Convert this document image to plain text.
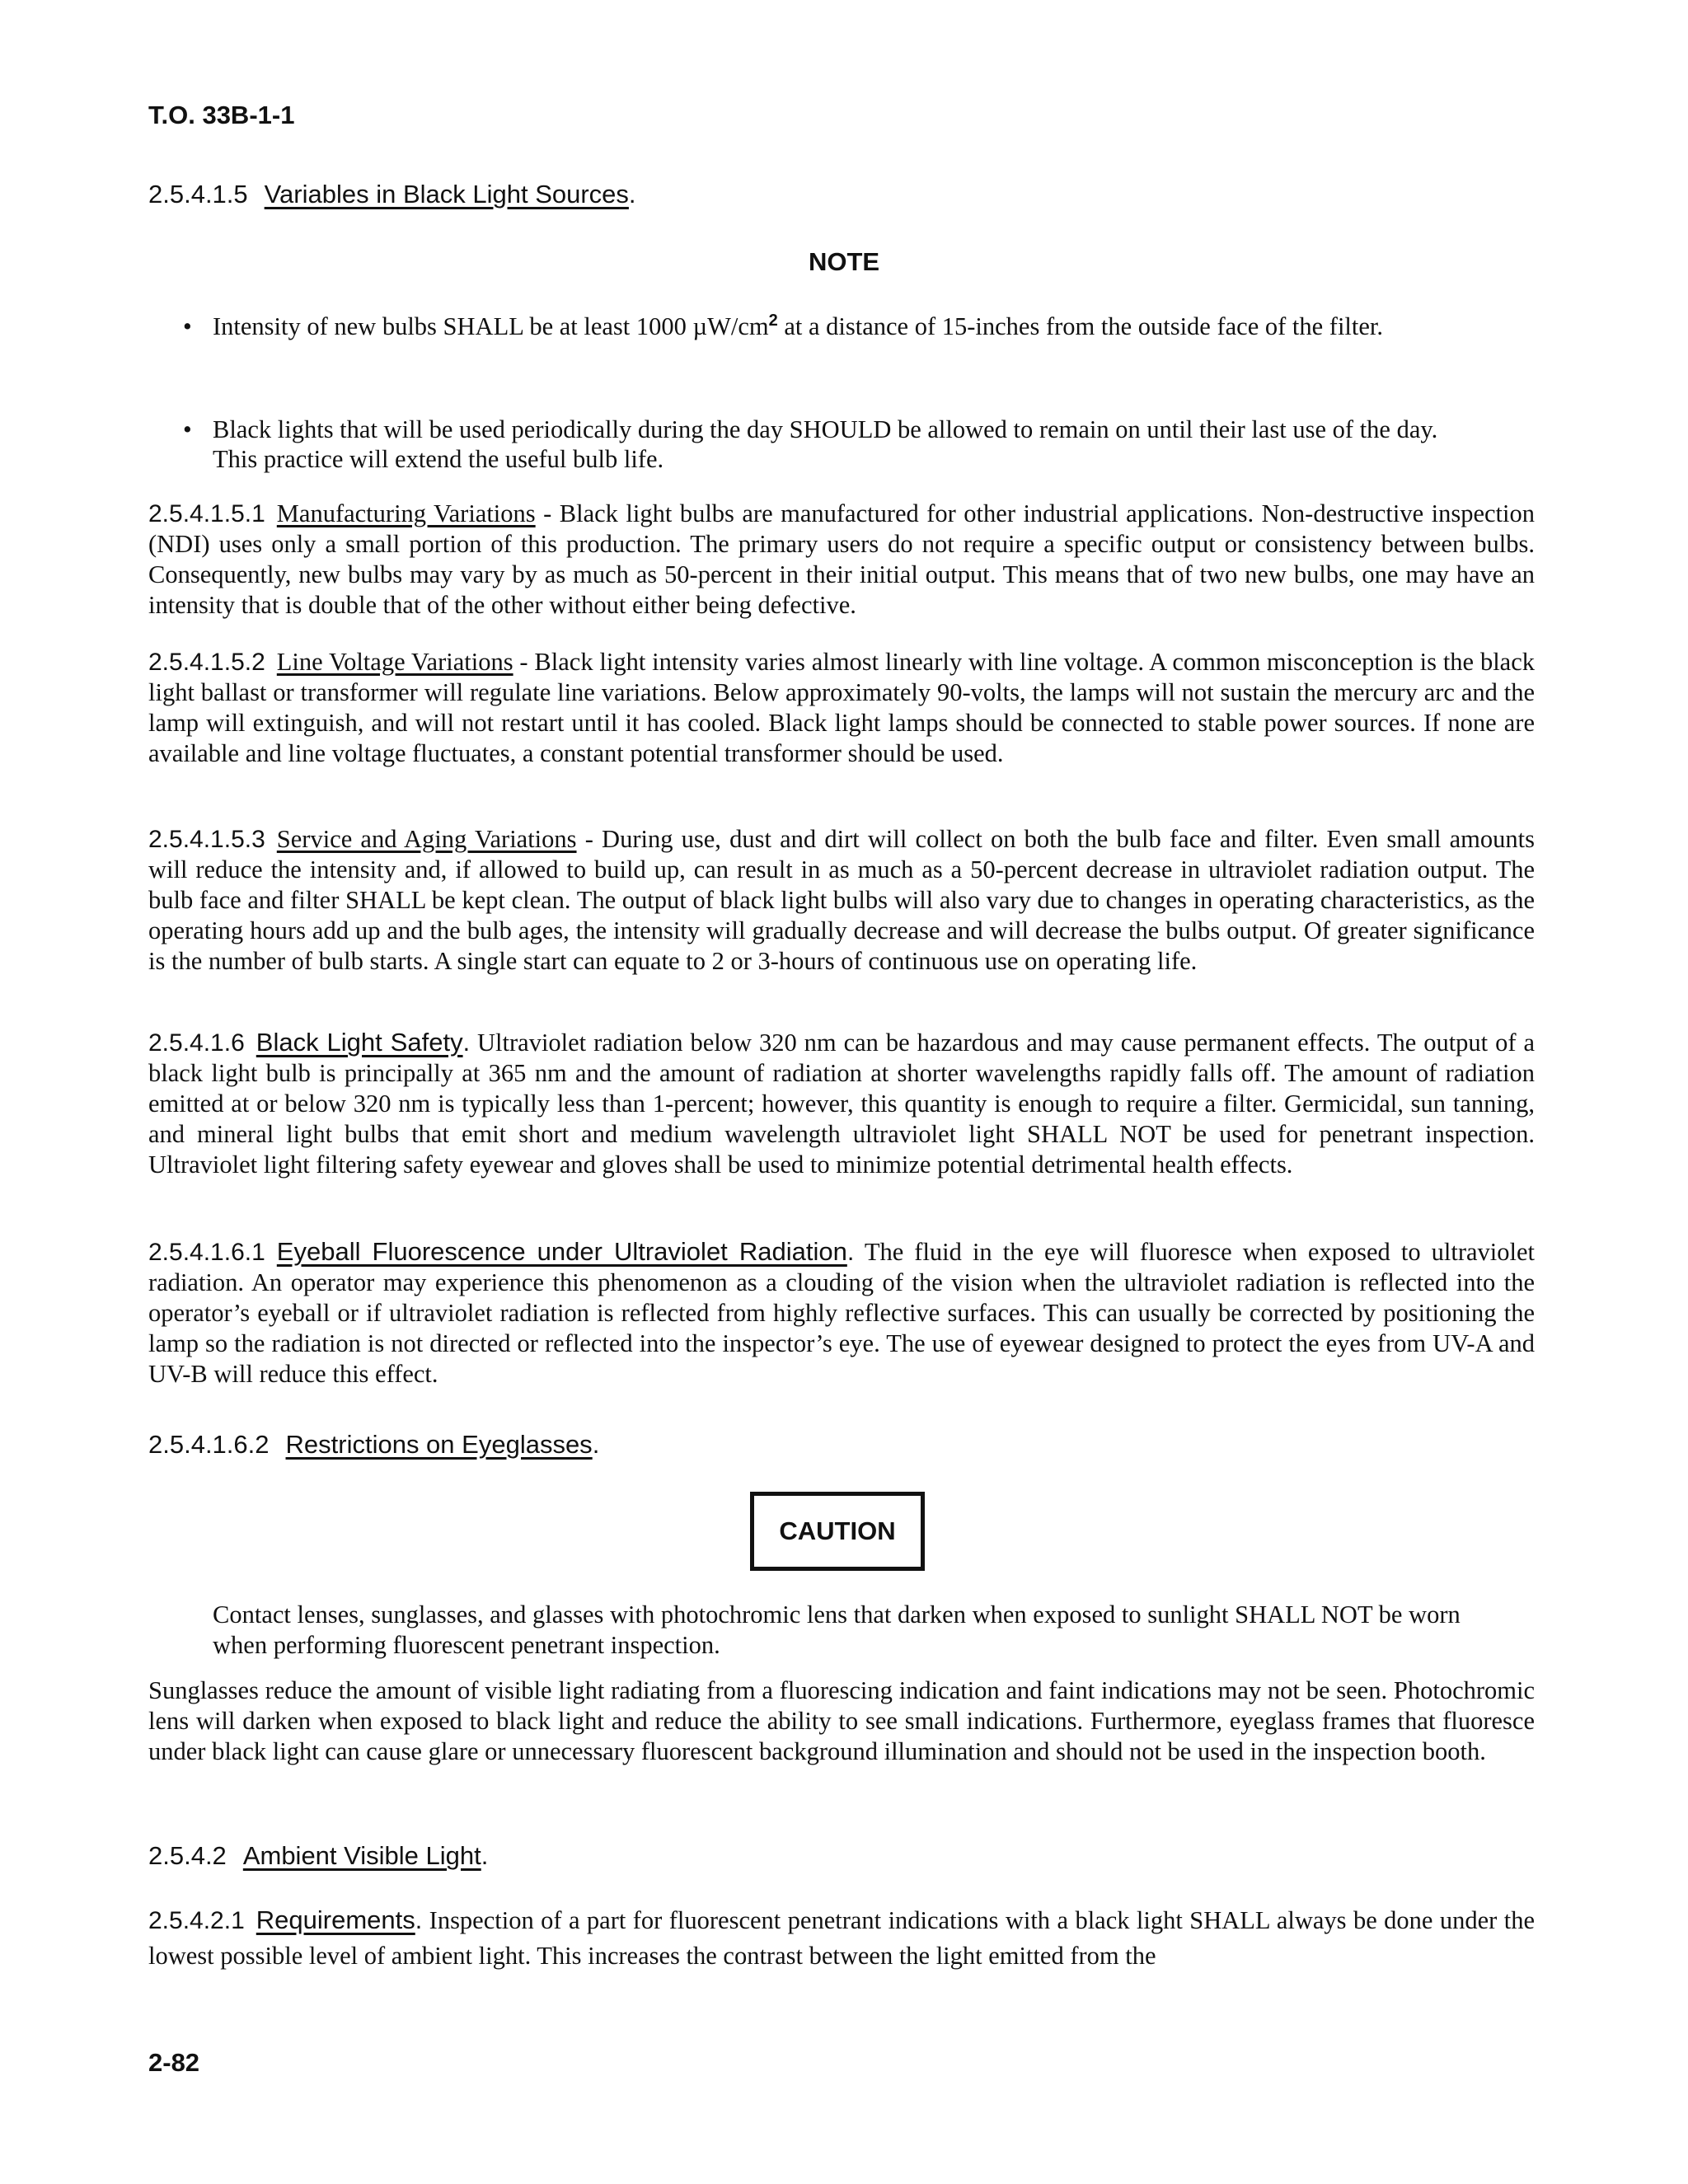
T.O. 33B-1-1
2.5.4.1.5 Variables in Black Light Sources.
NOTE
• Intensity of new bulbs SHALL be at least 1000 $\mu W/cm^2$ at a distance of 15-inches from the outside face of the filter.
• Black lights that will be used periodically during the day SHOULD be allowed to remain on until their last use of the day. This practice will extend the useful bulb life.
2.5.4.1.5.1 Manufacturing Variations - Black light bulbs are manufactured for other industrial applications. Non-destructive inspection (NDI) uses only a small portion of this production. The primary users do not require a specific output or consistency between bulbs. Consequently, new bulbs may vary by as much as 50-percent in their initial output. This means that of two new bulbs, one may have an intensity that is double that of the other without either being defective.
2.5.4.1.5.2 Line Voltage Variations - Black light intensity varies almost linearly with line voltage. A common misconception is the black light ballast or transformer will regulate line variations. Below approximately 90-volts, the lamps will not sustain the mercury arc and the lamp will extinguish, and will not restart until it has cooled. Black light lamps should be connected to stable power sources. If none are available and line voltage fluctuates, a constant potential transformer should be used.
2.5.4.1.5.3 Service and Aging Variations - During use, dust and dirt will collect on both the bulb face and filter. Even small amounts will reduce the intensity and, if allowed to build up, can result in as much as a 50-percent decrease in ultraviolet radiation output. The bulb face and filter SHALL be kept clean. The output of black light bulbs will also vary due to changes in operating characteristics, as the operating hours add up and the bulb ages, the intensity will gradually decrease and will decrease the bulbs output. Of greater significance is the number of bulb starts. A single start can equate to 2 or 3-hours of continuous use on operating life.
2.5.4.1.6 Black Light Safety. Ultraviolet radiation below 320 nm can be hazardous and may cause permanent effects. The output of a black light bulb is principally at 365 nm and the amount of radiation at shorter wavelengths rapidly falls off. The amount of radiation emitted at or below 320 nm is typically less than 1-percent; however, this quantity is enough to require a filter. Germicidal, sun tanning, and mineral light bulbs that emit short and medium wavelength ultraviolet light SHALL NOT be used for penetrant inspection. Ultraviolet light filtering safety eyewear and gloves shall be used to minimize potential detrimental health effects.
2.5.4.1.6.1 Eyeball Fluorescence under Ultraviolet Radiation. The fluid in the eye will fluoresce when exposed to ultraviolet radiation. An operator may experience this phenomenon as a clouding of the vision when the ultraviolet radiation is reflected into the operator’s eyeball or if ultraviolet radiation is reflected from highly reflective surfaces. This can usually be corrected by positioning the lamp so the radiation is not directed or reflected into the inspector’s eye. The use of eyewear designed to protect the eyes from UV-A and UV-B will reduce this effect.
2.5.4.1.6.2 Restrictions on Eyeglasses.
CAUTION
Contact lenses, sunglasses, and glasses with photochromic lens that darken when exposed to sunlight SHALL NOT be worn when performing fluorescent penetrant inspection.
Sunglasses reduce the amount of visible light radiating from a fluorescing indication and faint indications may not be seen. Photochromic lens will darken when exposed to black light and reduce the ability to see small indications. Furthermore, eyeglass frames that fluoresce under black light can cause glare or unnecessary fluorescent background illumination and should not be used in the inspection booth.
2.5.4.2 Ambient Visible Light.
2.5.4.2.1 Requirements. Inspection of a part for fluorescent penetrant indications with a black light SHALL always be done under the lowest possible level of ambient light. This increases the contrast between the light emitted from the
2-82
